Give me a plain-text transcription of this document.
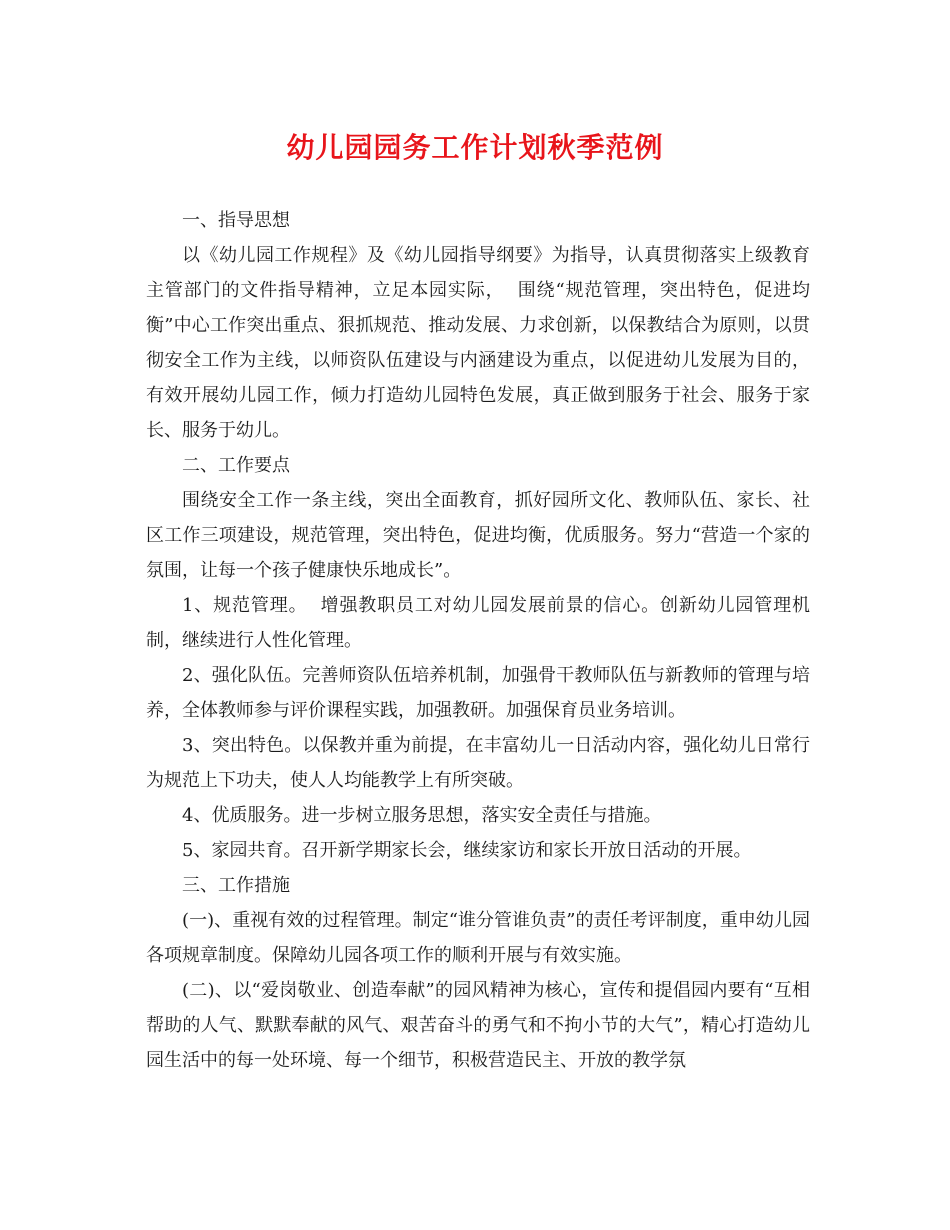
幼儿园园务工作计划秋季范例

一、指导思想

以《幼儿园工作规程》及《幼儿园指导纲要》为指导，认真贯彻落实上级教育主管部门的文件指导精神，立足本园实际，  围绕“规范管理，突出特色，促进均衡”中心工作突出重点、狠抓规范、推动发展、力求创新，以保教结合为原则，以贯彻安全工作为主线，以师资队伍建设与内涵建设为重点，以促进幼儿发展为目的，有效开展幼儿园工作，倾力打造幼儿园特色发展，真正做到服务于社会、服务于家长、服务于幼儿。

二、工作要点

围绕安全工作一条主线，突出全面教育，抓好园所文化、教师队伍、家长、社区工作三项建设，规范管理，突出特色，促进均衡，优质服务。努力“营造一个家的氛围，让每一个孩子健康快乐地成长”。

1、规范管理。  增强教职员工对幼儿园发展前景的信心。创新幼儿园管理机制，继续进行人性化管理。

2、强化队伍。完善师资队伍培养机制，加强骨干教师队伍与新教师的管理与培养，全体教师参与评价课程实践，加强教研。加强保育员业务培训。

3、突出特色。以保教并重为前提，在丰富幼儿一日活动内容，强化幼儿日常行为规范上下功夫，使人人均能教学上有所突破。

4、优质服务。进一步树立服务思想，落实安全责任与措施。

5、家园共育。召开新学期家长会，继续家访和家长开放日活动的开展。

三、工作措施

(一)、重视有效的过程管理。制定“谁分管谁负责”的责任考评制度，重申幼儿园各项规章制度。保障幼儿园各项工作的顺利开展与有效实施。

(二)、以“爱岗敬业、创造奉献”的园风精神为核心，宣传和提倡园内要有“互相帮助的人气、默默奉献的风气、艰苦奋斗的勇气和不拘小节的大气”，精心打造幼儿园生活中的每一处环境、每一个细节，积极营造民主、开放的教学氛
